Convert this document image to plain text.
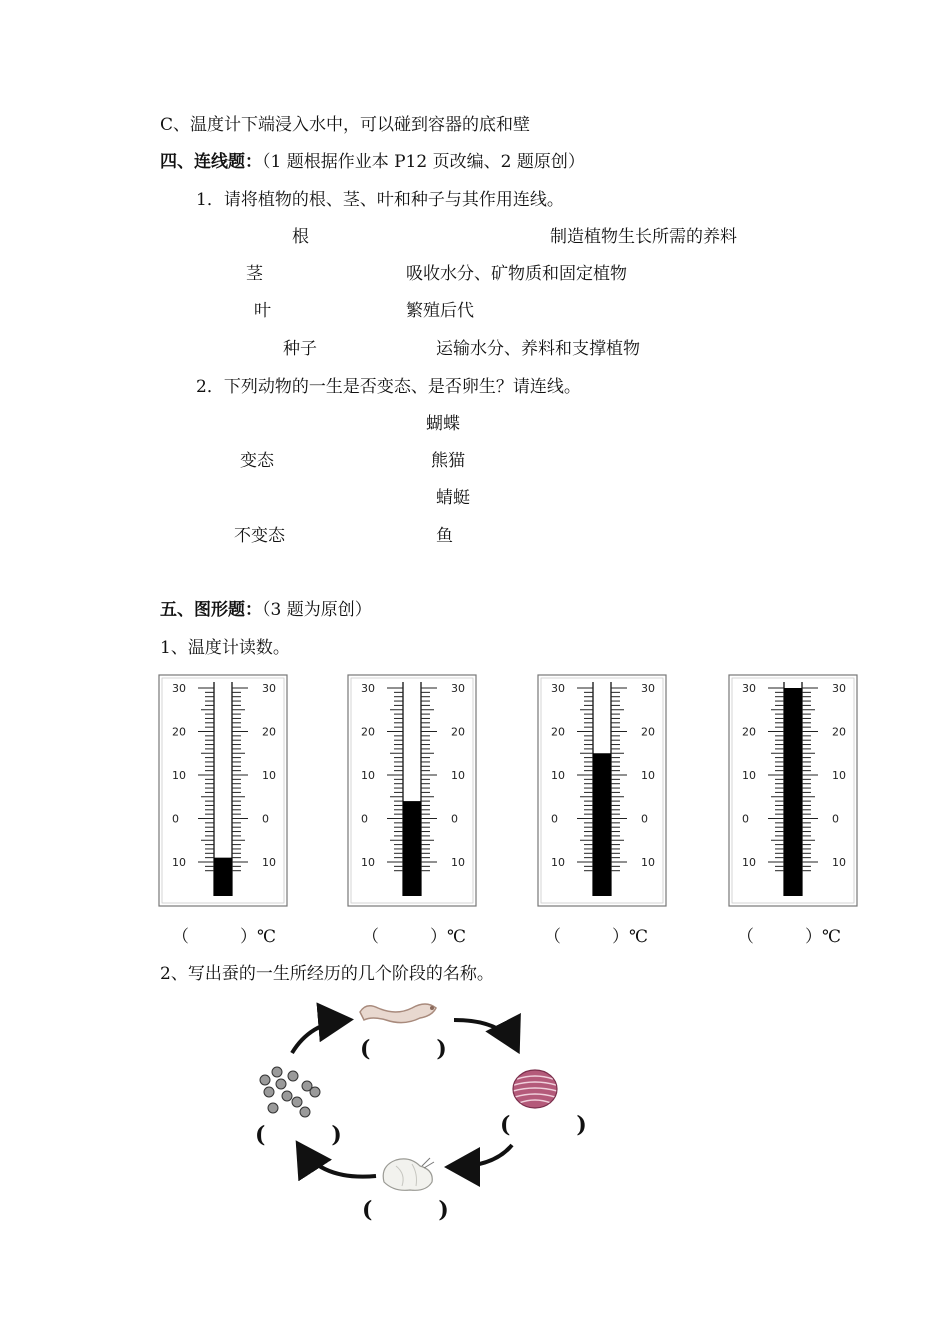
C、温度计下端浸入水中，可以碰到容器的底和壁
四、连线题：（1 题根据作业本 P12 页改编、2 题原创）
1．请将植物的根、茎、叶和种子与其作用连线。
根	制造植物生长所需的养料
茎	吸收水分、矿物质和固定植物
叶	繁殖后代
种子	运输水分、养料和支撑植物
2．下列动物的一生是否变态、是否卵生？请连线。
蝴蝶
变态	熊猫
蜻蜓
不变态	鱼
五、图形题：（3 题为原创）
1、温度计读数。
30	30
20	20
10	10
0	0
10	10
30	30
20	20
10	10
0	0
10	10
30	30
20	20
10	10
0	0
10	10
30	30
20	20
10	10
0	0
10	10
（　　　）℃	（　　　）℃	（　　　）℃	（　　　）℃
2、写出蚕的一生所经历的几个阶段的名称。
(　　　)
(　　　)
(　　　)
(　　　)
